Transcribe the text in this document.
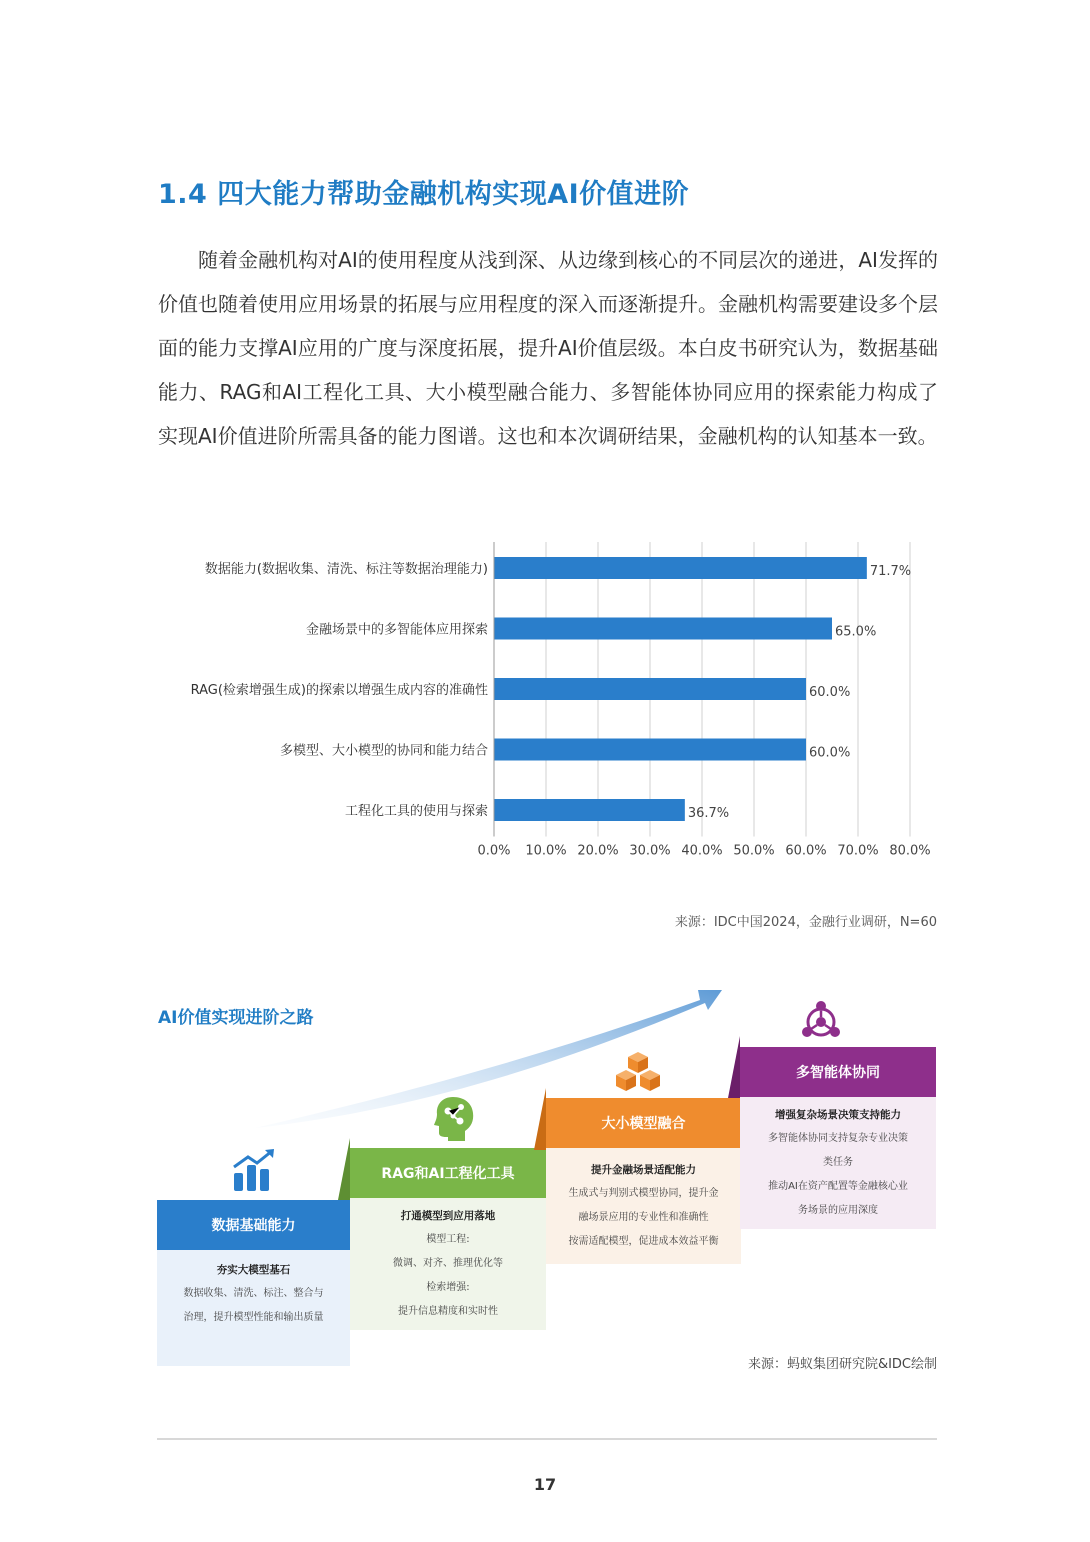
1.4 四大能力帮助金融机构实现AI价值进阶

随着金融机构对AI的使用程度从浅到深、从边缘到核心的不同层次的递进，AI发挥的价值也随着使用应用场景的拓展与应用程度的深入而逐渐提升。金融机构需要建设多个层面的能力支撑AI应用的广度与深度拓展，提升AI价值层级。本白皮书研究认为，数据基础能力、RAG和AI工程化工具、大小模型融合能力、多智能体协同应用的探索能力构成了实现AI价值进阶所需具备的能力图谱。这也和本次调研结果，金融机构的认知基本一致。

0.0% 10.0% 20.0% 30.0% 40.0% 50.0% 60.0% 70.0% 80.0%
数据能力(数据收集、清洗、标注等数据治理能力)	71.7%
金融场景中的多智能体应用探索	65.0%
RAG(检索增强生成)的探索以增强生成内容的准确性	60.0%
多模型、大小模型的协同和能力结合	60.0%
工程化工具的使用与探索	36.7%

来源：IDC中国2024，金融行业调研，N=60

AI价值实现进阶之路

数据基础能力
夯实大模型基石
数据收集、清洗、标注、整合与
治理，提升模型性能和输出质量
RAG和AI工程化工具
打通模型到应用落地
模型工程:
微调、对齐、推理优化等
检索增强:
提升信息精度和实时性
大小模型融合
提升金融场景适配能力
生成式与判别式模型协同，提升金
融场景应用的专业性和准确性
按需适配模型，促进成本效益平衡
多智能体协同
增强复杂场景决策支持能力
多智能体协同支持复杂专业决策
类任务
推动AI在资产配置等金融核心业
务场景的应用深度

来源：蚂蚁集团研究院&IDC绘制

17
